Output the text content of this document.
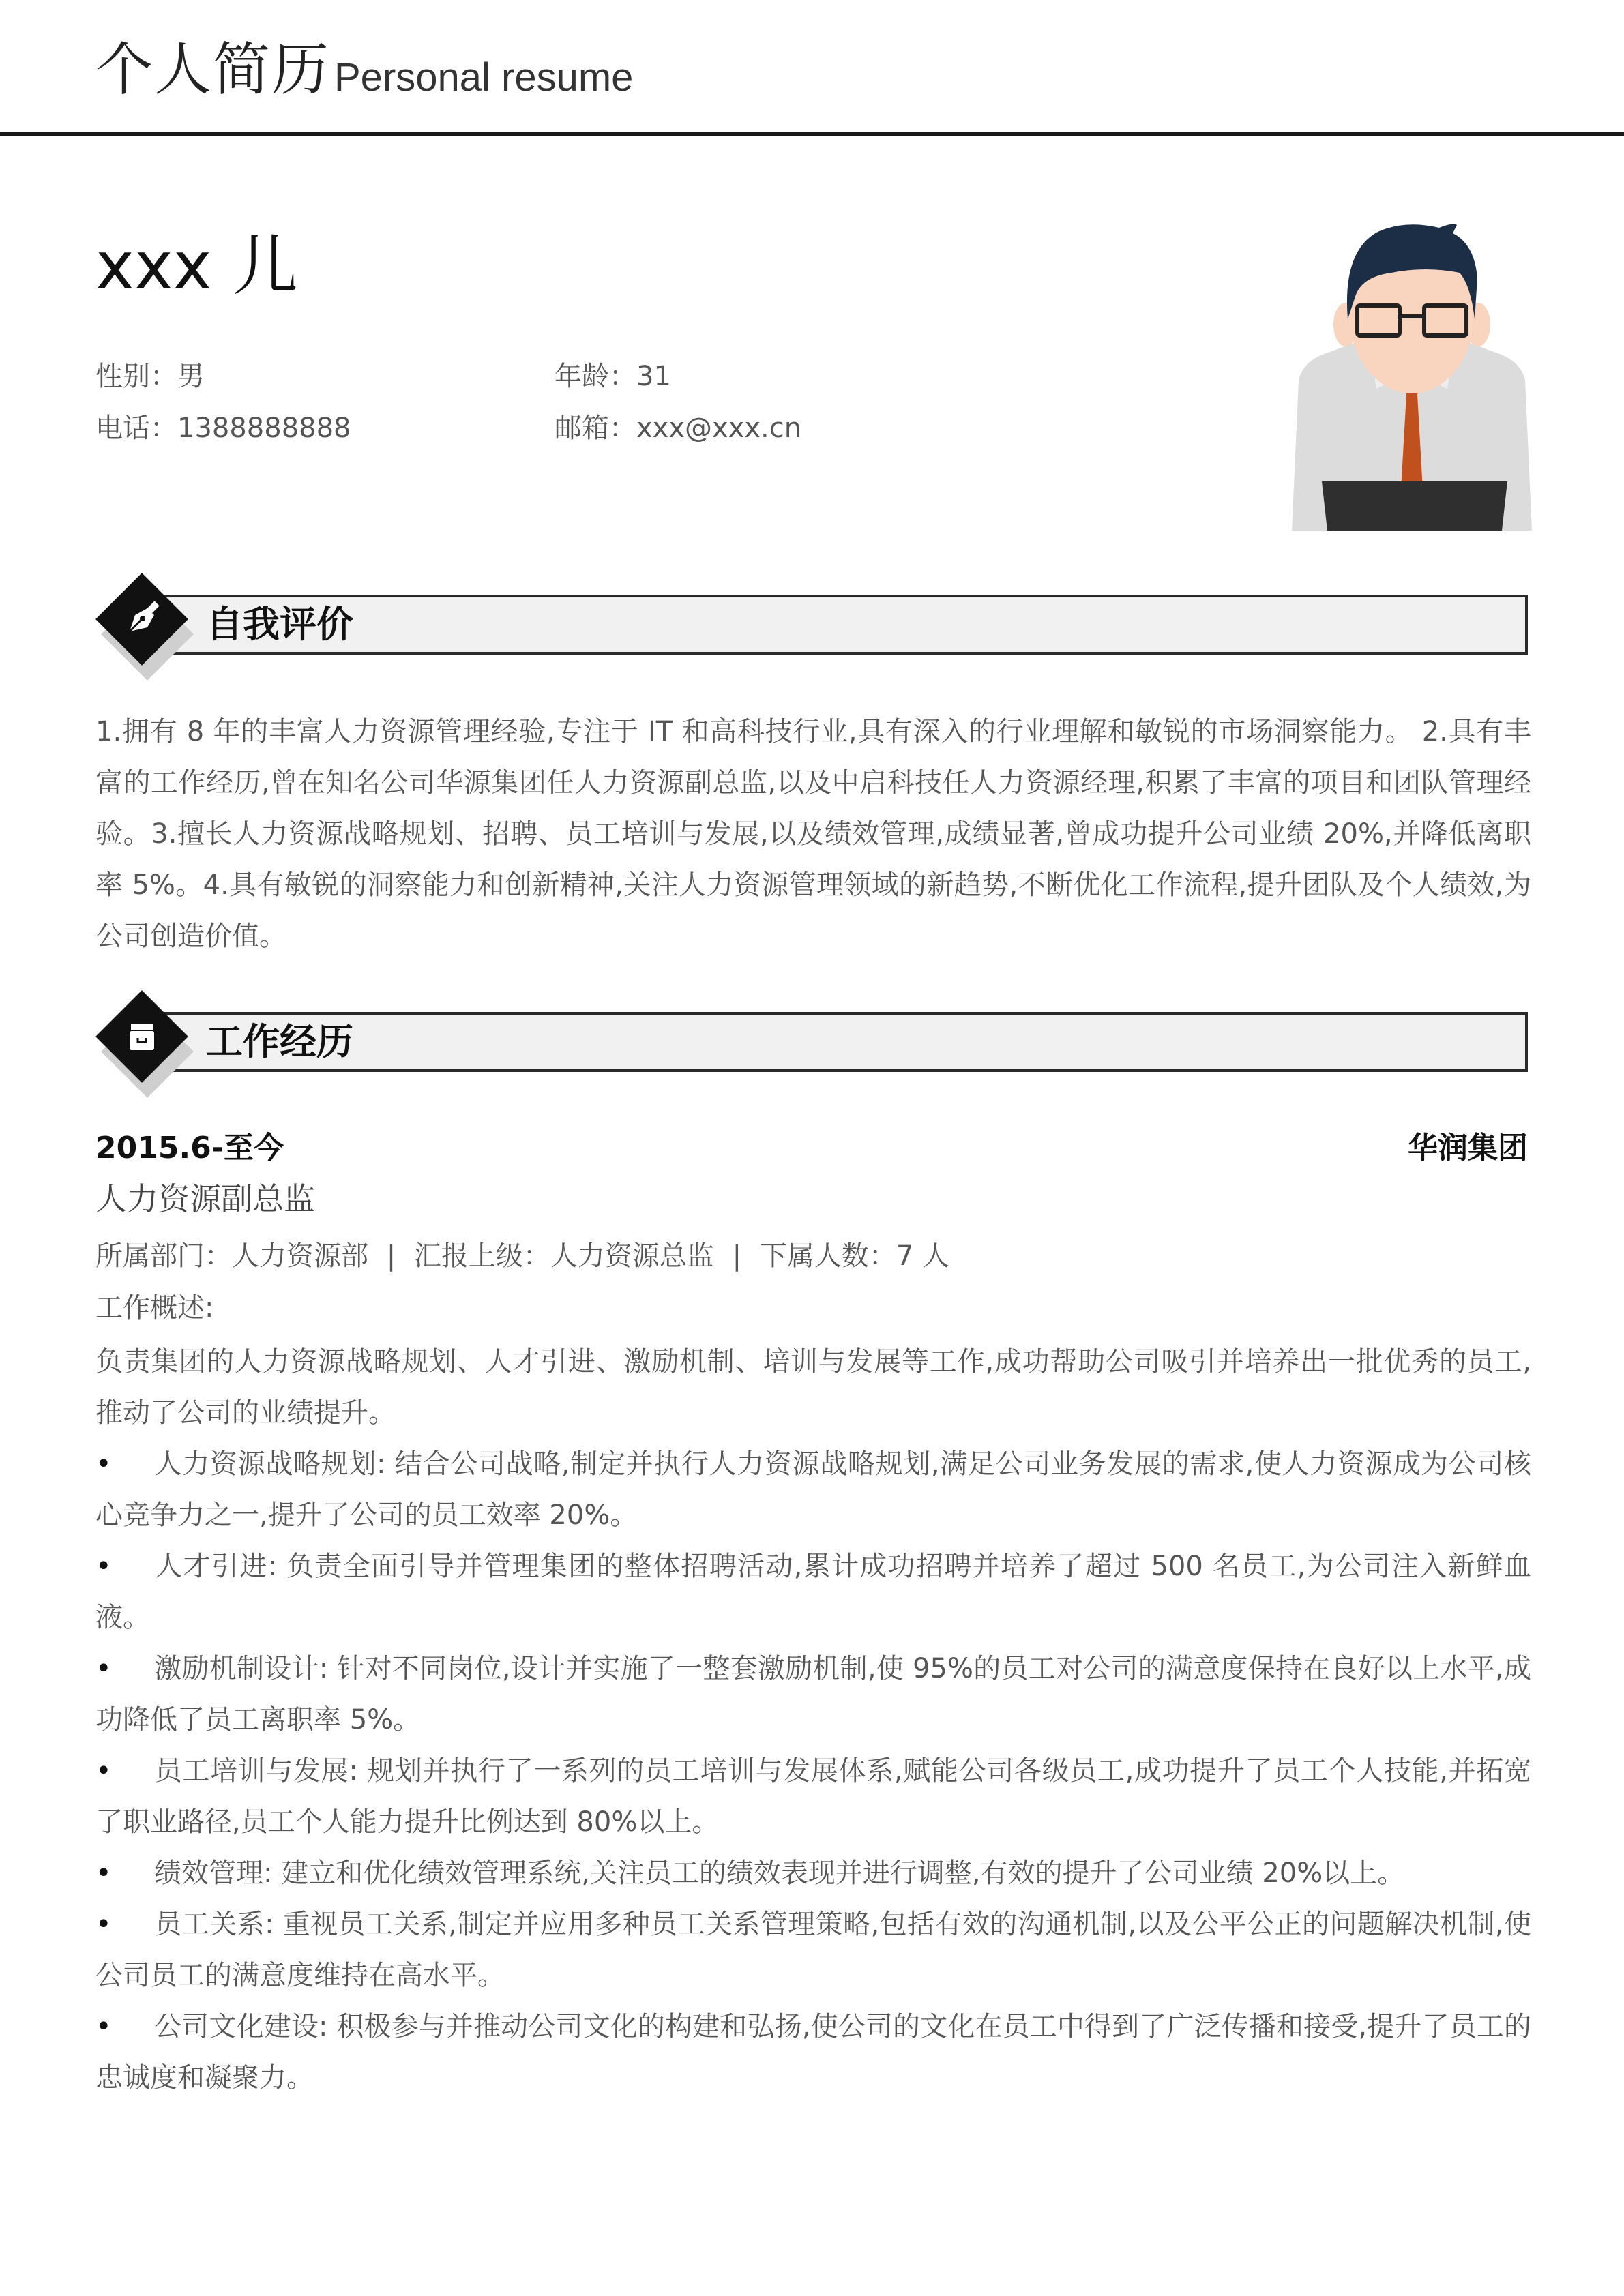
个人简历 Personal resume
xxx 儿
性别：男	年龄：31
电话：1388888888	邮箱：xxx@xxx.cn
自我评价
1.拥有 8 年的丰富人力资源管理经验,专注于 IT 和高科技行业,具有深入的行业理解和敏锐的市场洞察能力。 2.具有丰富的工作经历,曾在知名公司华源集团任人力资源副总监,以及中启科技任人力资源经理,积累了丰富的项目和团队管理经验。3.擅长人力资源战略规划、招聘、员工培训与发展,以及绩效管理,成绩显著,曾成功提升公司业绩 20%,并降低离职率 5%。4.具有敏锐的洞察能力和创新精神,关注人力资源管理领域的新趋势,不断优化工作流程,提升团队及个人绩效,为公司创造价值。
工作经历
2015.6-至今	华润集团
人力资源副总监
所属部门：人力资源部 | 汇报上级：人力资源总监 | 下属人数：7 人
工作概述:
负责集团的人力资源战略规划、人才引进、激励机制、培训与发展等工作,成功帮助公司吸引并培养出一批优秀的员工,推动了公司的业绩提升。
• 人力资源战略规划: 结合公司战略,制定并执行人力资源战略规划,满足公司业务发展的需求,使人力资源成为公司核心竞争力之一,提升了公司的员工效率 20%。
• 人才引进: 负责全面引导并管理集团的整体招聘活动,累计成功招聘并培养了超过 500 名员工,为公司注入新鲜血液。
• 激励机制设计: 针对不同岗位,设计并实施了一整套激励机制,使 95%的员工对公司的满意度保持在良好以上水平,成功降低了员工离职率 5%。
• 员工培训与发展: 规划并执行了一系列的员工培训与发展体系,赋能公司各级员工,成功提升了员工个人技能,并拓宽了职业路径,员工个人能力提升比例达到 80%以上。
• 绩效管理: 建立和优化绩效管理系统,关注员工的绩效表现并进行调整,有效的提升了公司业绩 20%以上。
• 员工关系: 重视员工关系,制定并应用多种员工关系管理策略,包括有效的沟通机制,以及公平公正的问题解决机制,使公司员工的满意度维持在高水平。
• 公司文化建设: 积极参与并推动公司文化的构建和弘扬,使公司的文化在员工中得到了广泛传播和接受,提升了员工的忠诚度和凝聚力。
